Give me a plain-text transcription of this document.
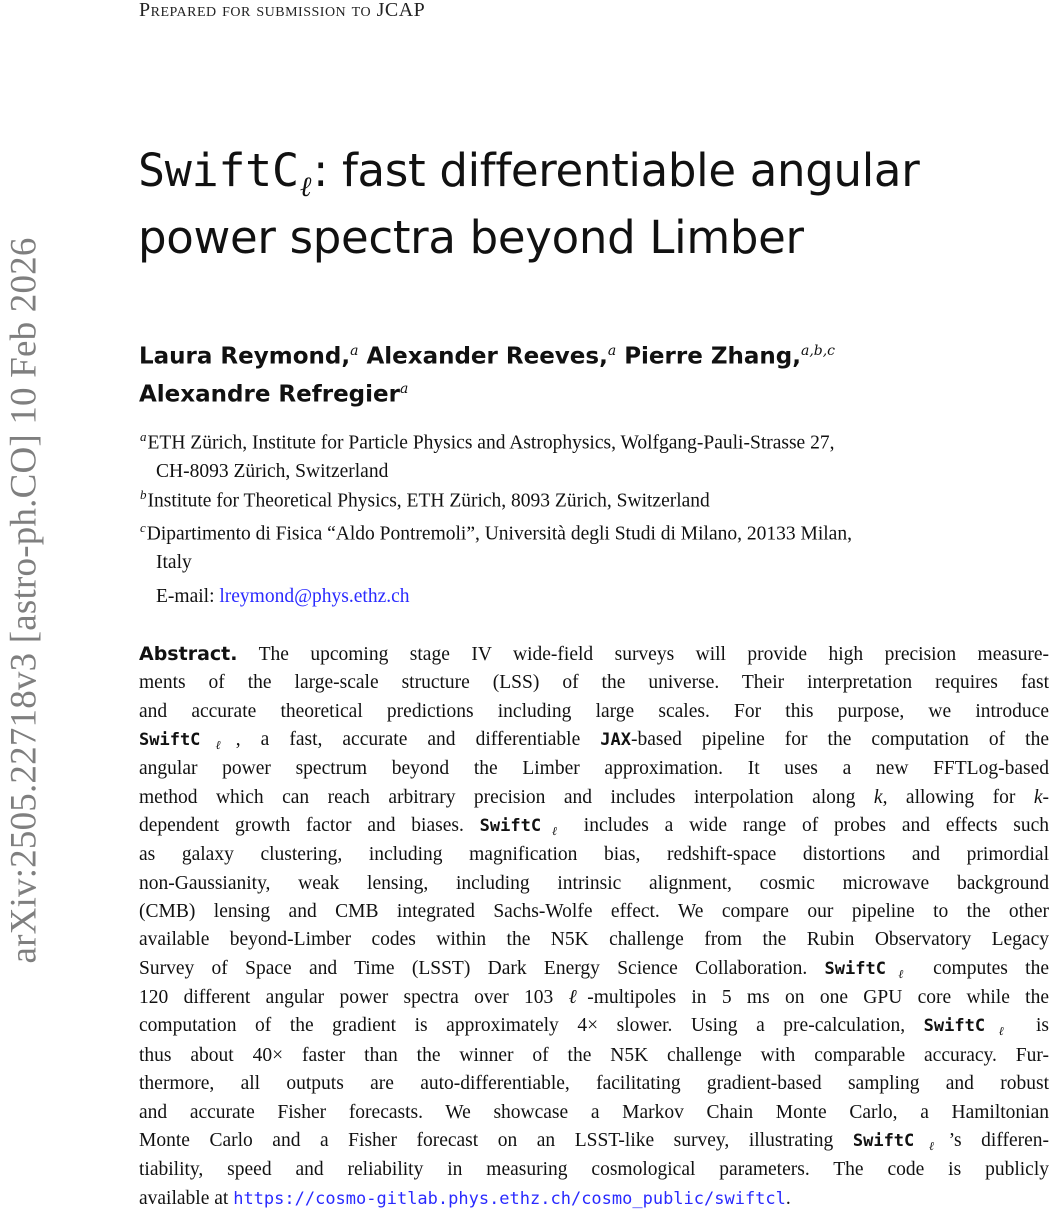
arXiv:2505.22718v3 [astro-ph.CO] 10 Feb 2026
Prepared for submission to JCAP
SwiftC$_\ell$: fast differentiable angular
power spectra beyond Limber
Laura Reymond,$^a$ Alexander Reeves,$^a$ Pierre Zhang,$^{a,b,c}$
Alexandre Refregier$^a$
$^a$ETH Zürich, Institute for Particle Physics and Astrophysics, Wolfgang-Pauli-Strasse 27,
CH-8093 Zürich, Switzerland
$^b$Institute for Theoretical Physics, ETH Zürich, 8093 Zürich, Switzerland
$^c$Dipartimento di Fisica “Aldo Pontremoli”, Università degli Studi di Milano, 20133 Milan,
Italy
E-mail: lreymond@phys.ethz.ch
Abstract. The upcoming stage IV wide-field surveys will provide high precision measure-
ments of the large-scale structure (LSS) of the universe. Their interpretation requires fast
and accurate theoretical predictions including large scales. For this purpose, we introduce
SwiftC$_\ell$, a fast, accurate and differentiable JAX-based pipeline for the computation of the
angular power spectrum beyond the Limber approximation. It uses a new FFTLog-based
method which can reach arbitrary precision and includes interpolation along k, allowing for k-
dependent growth factor and biases. SwiftC$_\ell$ includes a wide range of probes and effects such
as galaxy clustering, including magnification bias, redshift-space distortions and primordial
non-Gaussianity, weak lensing, including intrinsic alignment, cosmic microwave background
(CMB) lensing and CMB integrated Sachs-Wolfe effect. We compare our pipeline to the other
available beyond-Limber codes within the N5K challenge from the Rubin Observatory Legacy
Survey of Space and Time (LSST) Dark Energy Science Collaboration. SwiftC$_\ell$ computes the
120 different angular power spectra over 103 ℓ-multipoles in 5 ms on one GPU core while the
computation of the gradient is approximately 4× slower. Using a pre-calculation, SwiftC$_\ell$ is
thus about 40× faster than the winner of the N5K challenge with comparable accuracy. Fur-
thermore, all outputs are auto-differentiable, facilitating gradient-based sampling and robust
and accurate Fisher forecasts. We showcase a Markov Chain Monte Carlo, a Hamiltonian
Monte Carlo and a Fisher forecast on an LSST-like survey, illustrating SwiftC$_\ell$’s differen-
tiability, speed and reliability in measuring cosmological parameters. The code is publicly
available at https://cosmo-gitlab.phys.ethz.ch/cosmo_public/swiftcl.
